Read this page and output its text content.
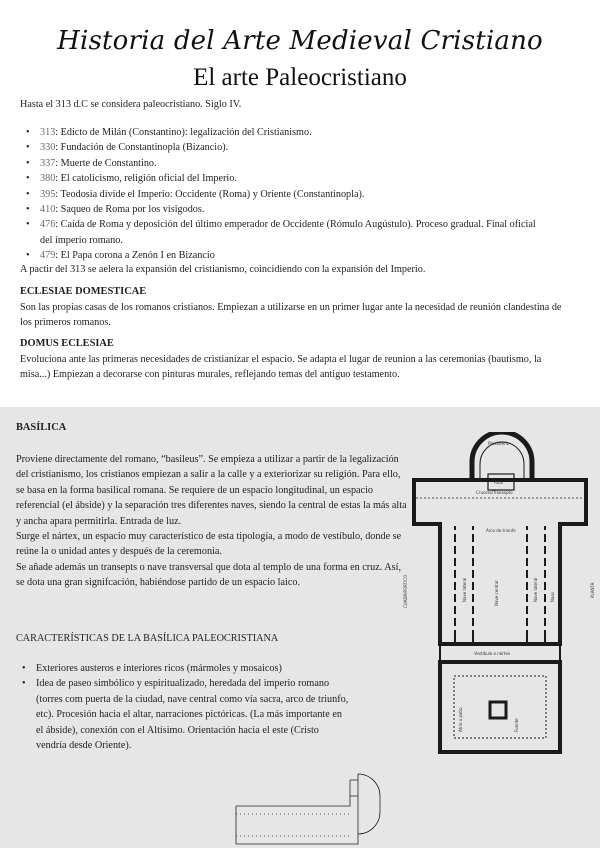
Historia del Arte Medieval Cristiano
El arte Paleocristiano

Hasta el 313 d.C se considera paleocristiano. Siglo IV.

• 313: Edicto de Milán (Constantino): legalización del Cristianismo.
• 330: Fundación de Constantinopla (Bizancio).
• 337: Muerte de Constantino.
• 380: El catolicismo, religión oficial del Imperio.
• 395: Teodosia divide el Imperio: Occidente (Roma) y Oriente (Constantinopla).
• 410: Saqueo de Roma por los visigodos.
• 476: Caída de Roma y deposición del último emperador de Occidente (Rómulo Augústulo). Proceso gradual. Final oficial del imperio romano.
• 479: El Papa corona a Zenón I en Bizancio

A pactir del 313 se aelera la expansión del cristianismo, coincidiendo con la expansión del Imperio.

ECLESIAE DOMESTICAE

Son las propias casas de los romanos cristianos. Empiezan a utilizarse en un primer lugar ante la necesidad de reunión clandestina de los primeros romanos.

DOMUS ECLESIAE

Evoluciona ante las primeras necesidades de cristianizar el espacio. Se adapta el lugar de reunion a las ceremonias (bautismo, la misa...) Empiezan a decorarse con pinturas murales, reflejando temas del antiguo testamento.

BASÍLICA
Proviene directamente del romano, “basileus”. Se empieza a utilizar a partir de la legalización del cristianismo, los cristianos empiezan a salir a la calle y a exteriorizar su religión. Para ello, se basa en la forma basilical romana. Se requiere de un espacio longitudinal, un espacio referencial (el ábside) y la separación tres diferentes naves, siendo la central de estas la más alta y ancha apara permitirla. Entrada de luz.
Surge el nártex, un espacio muy característico de esta tipología, a modo de vestíbulo, donde se reúne la o unidad antes y después de la ceremonia.
Se añade además un transepts o nave transversal que dota al templo de una forma en cruz. Así, se dota una gran signifcación, habiéndose partido de un espacio laico.
CARACTERÍSTICAS DE LA BASÍLICA PALEOCRISTIANA
• Exteriores austeros e interiores ricos (mármoles y mosaicos)
• Idea de paseo simbólico y espiritualizado, heredada del imperio romano (torres com puerta de la ciudad, nave central como vía sacra, arco de triunfo, etc). Procesión hacia el altar, narraciones pictóricas. (La más importante en el ábside), conexión con el Altísimo. Orientación hacia el este (Cristo vendría desde Oriente).
Presbiterio
Altar
Crucero/Transepto
Arco de triunfo
Nave central
Nave lateral	Nave lateral	Naos
Vestíbulo o nártex
Atrio o patio	Fuente
CUADRIPÓRTICO	PLANTA
